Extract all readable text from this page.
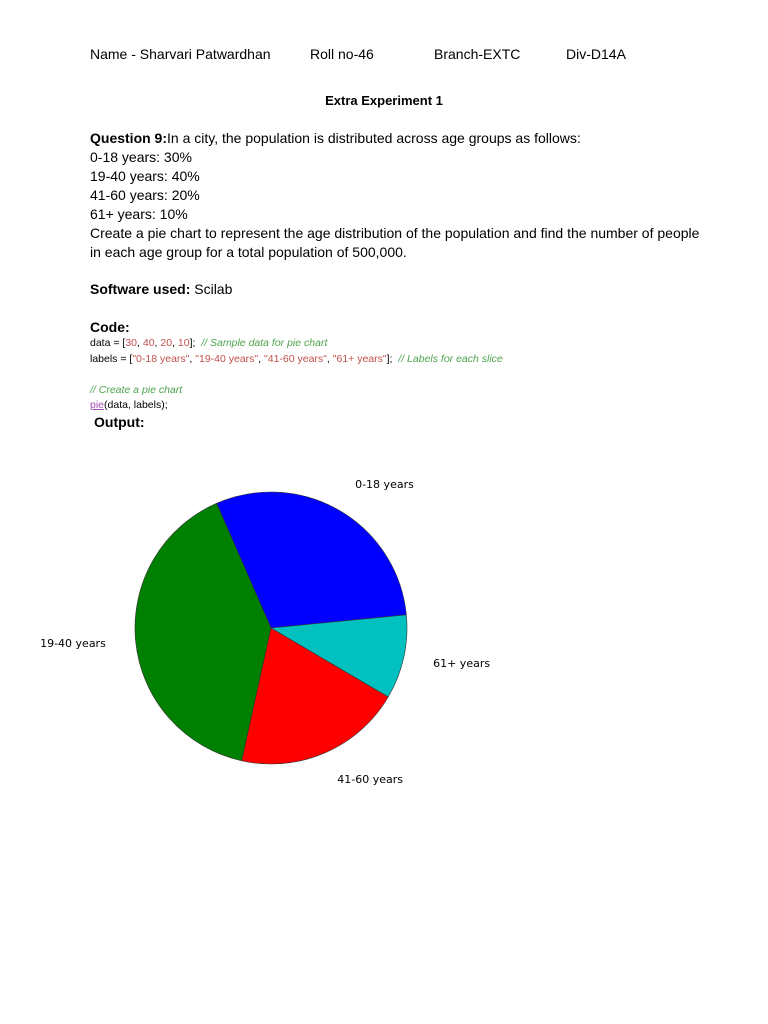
Name - Sharvari Patwardhan	Roll no-46	Branch-EXTC	Div-D14A
Extra Experiment 1

Question 9:In a city, the population is distributed across age groups as follows:

0-18 years: 30%

19-40 years: 40%

41-60 years: 20%

61+ years: 10%

Create a pie chart to represent the age distribution of the population and find the number of people in each age group for a total population of 500,000.

Software used: Scilab
Code:
data = [30, 40, 20, 10]; // Sample data for pie chart
labels = ["0-18 years", "19-40 years", "41-60 years", "61+ years"]; // Labels for each slice

// Create a pie chart
pie(data, labels);
Output:
0-18 years
19-40 years
41-60 years
61+ years
